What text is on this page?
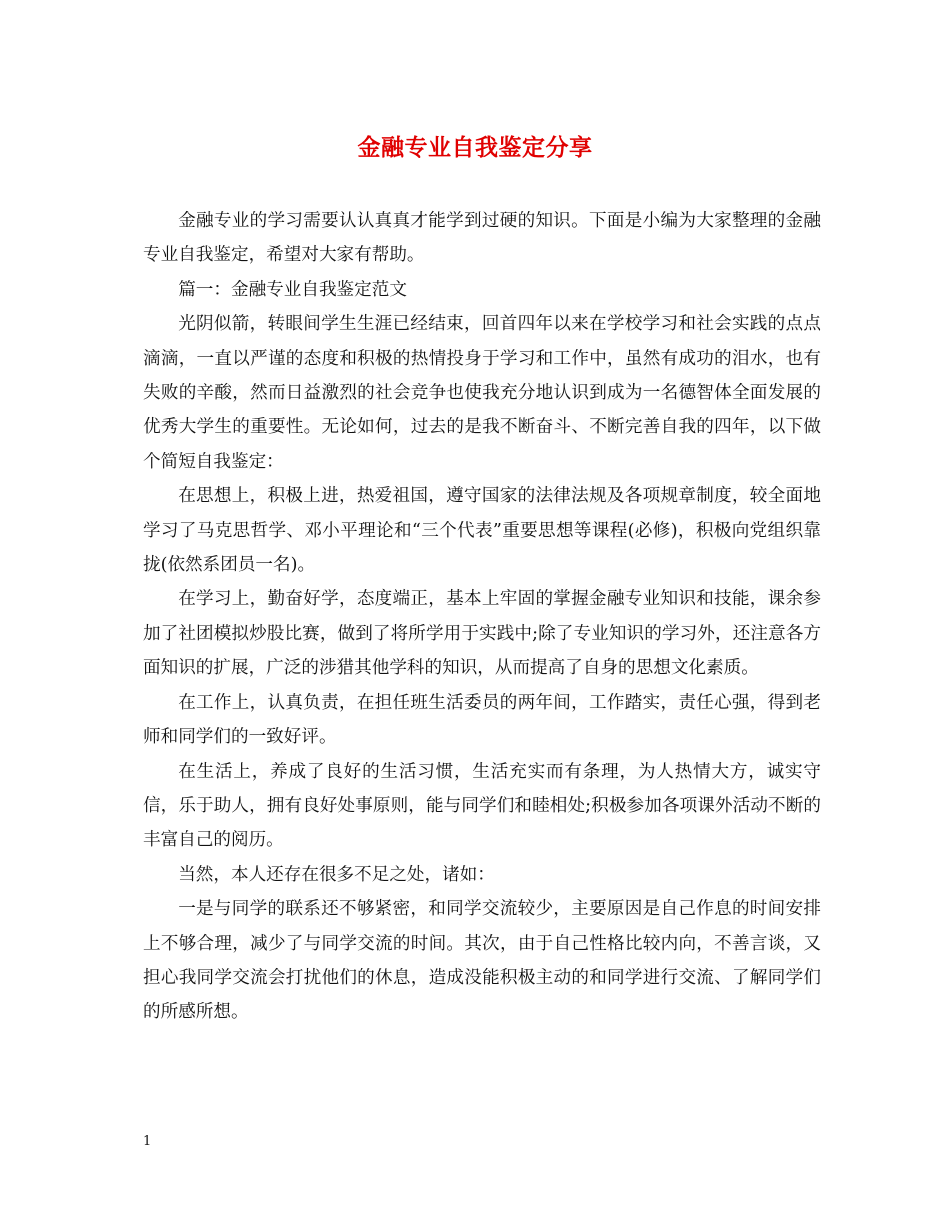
金融专业自我鉴定分享

金融专业的学习需要认认真真才能学到过硬的知识。下面是小编为大家整理的金融专业自我鉴定，希望对大家有帮助。

篇一：金融专业自我鉴定范文

光阴似箭，转眼间学生生涯已经结束，回首四年以来在学校学习和社会实践的点点滴滴，一直以严谨的态度和积极的热情投身于学习和工作中，虽然有成功的泪水，也有失败的辛酸，然而日益激烈的社会竞争也使我充分地认识到成为一名德智体全面发展的优秀大学生的重要性。无论如何，过去的是我不断奋斗、不断完善自我的四年，以下做个简短自我鉴定：

在思想上，积极上进，热爱祖国，遵守国家的法律法规及各项规章制度，较全面地学习了马克思哲学、邓小平理论和“三个代表”重要思想等课程(必修)，积极向党组织靠拢(依然系团员一名)。

在学习上，勤奋好学，态度端正，基本上牢固的掌握金融专业知识和技能，课余参加了社团模拟炒股比赛，做到了将所学用于实践中;除了专业知识的学习外，还注意各方面知识的扩展，广泛的涉猎其他学科的知识，从而提高了自身的思想文化素质。

在工作上，认真负责，在担任班生活委员的两年间，工作踏实，责任心强，得到老师和同学们的一致好评。

在生活上，养成了良好的生活习惯，生活充实而有条理，为人热情大方，诚实守信，乐于助人，拥有良好处事原则，能与同学们和睦相处;积极参加各项课外活动不断的丰富自己的阅历。

当然，本人还存在很多不足之处，诸如：

一是与同学的联系还不够紧密，和同学交流较少，主要原因是自己作息的时间安排上不够合理，减少了与同学交流的时间。其次，由于自己性格比较内向，不善言谈，又担心我同学交流会打扰他们的休息，造成没能积极主动的和同学进行交流、了解同学们的所感所想。

1
